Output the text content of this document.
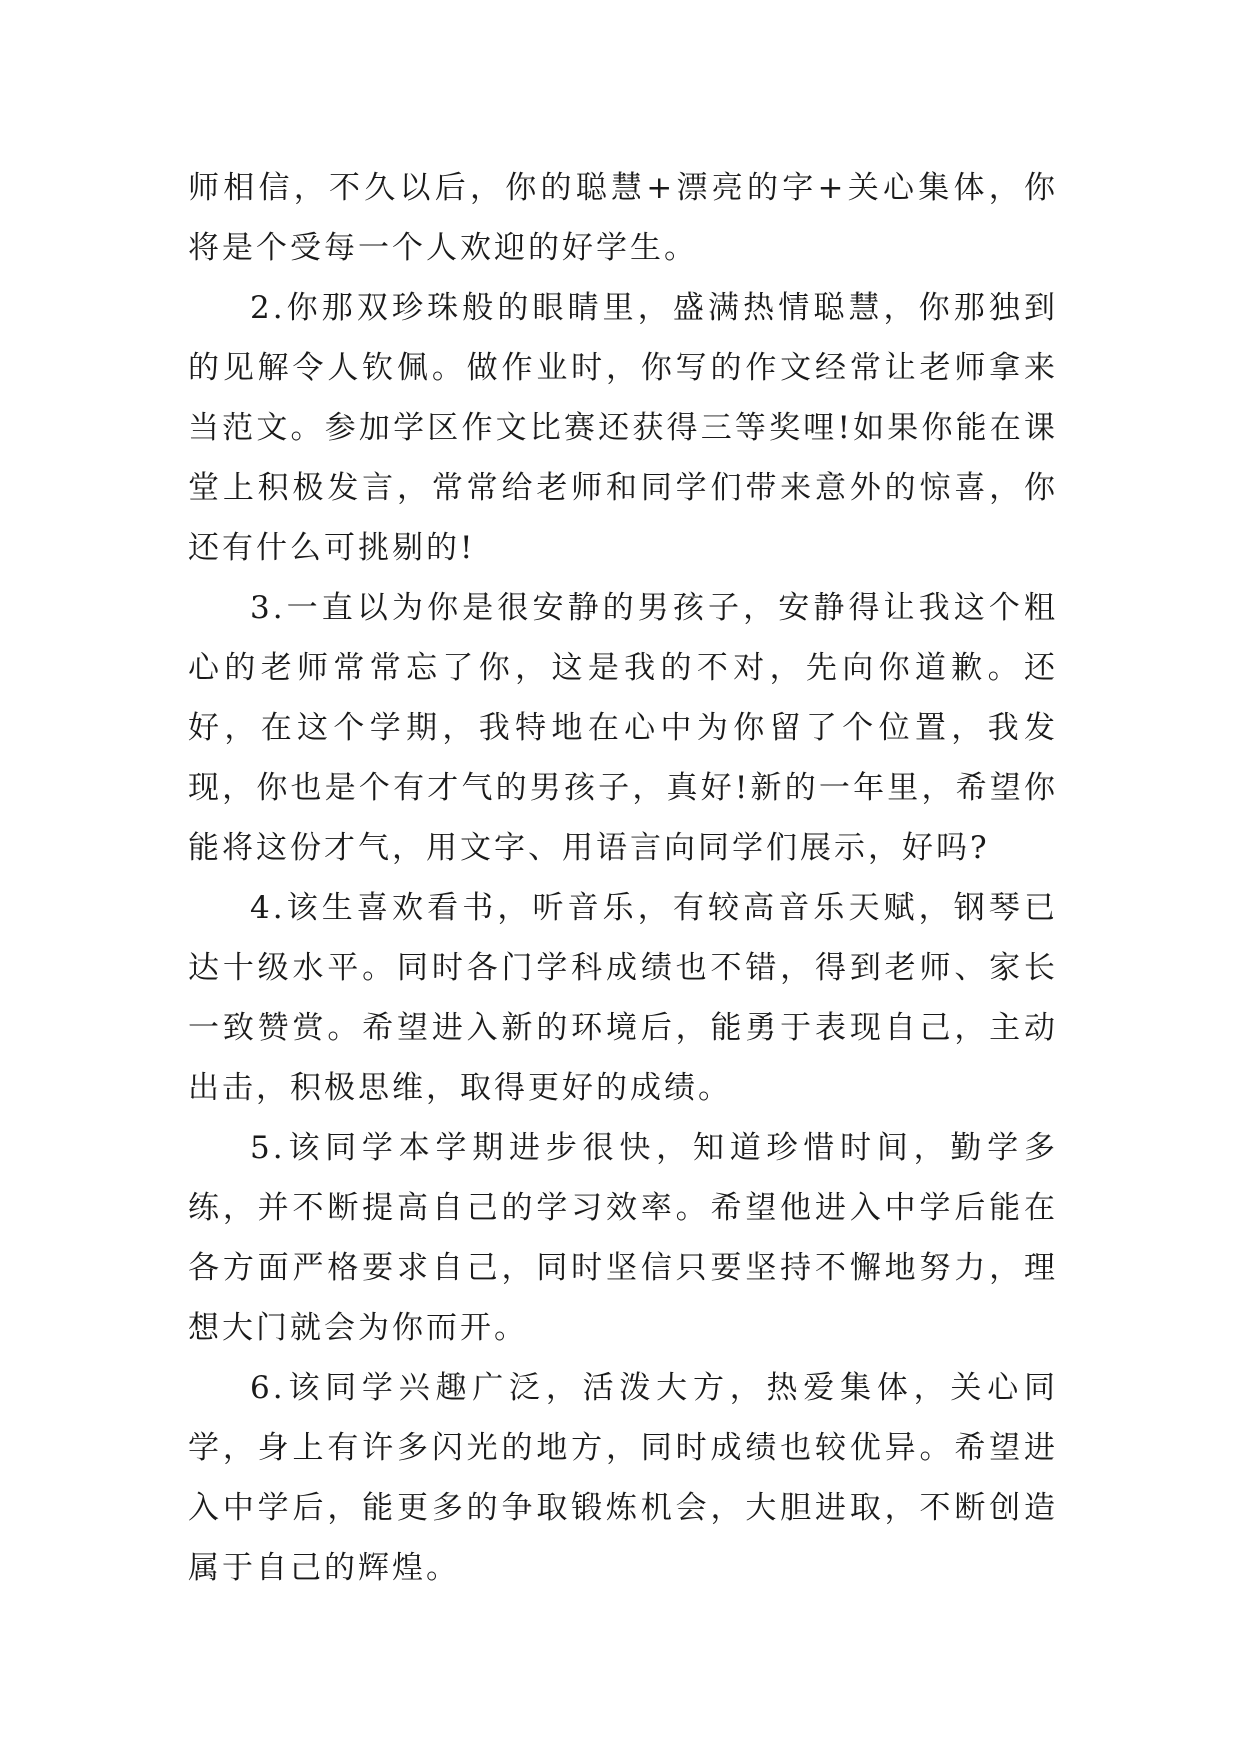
师相信，不久以后，你的聪慧+漂亮的字+关心集体，你将是个受每一个人欢迎的好学生。

2.你那双珍珠般的眼睛里，盛满热情聪慧，你那独到的见解令人钦佩。做作业时，你写的作文经常让老师拿来当范文。参加学区作文比赛还获得三等奖哩!如果你能在课堂上积极发言，常常给老师和同学们带来意外的惊喜，你还有什么可挑剔的!

3.一直以为你是很安静的男孩子，安静得让我这个粗心的老师常常忘了你，这是我的不对，先向你道歉。还好，在这个学期，我特地在心中为你留了个位置，我发现，你也是个有才气的男孩子，真好!新的一年里，希望你能将这份才气，用文字、用语言向同学们展示，好吗?

4.该生喜欢看书，听音乐，有较高音乐天赋，钢琴已达十级水平。同时各门学科成绩也不错，得到老师、家长一致赞赏。希望进入新的环境后，能勇于表现自己，主动出击，积极思维，取得更好的成绩。

5.该同学本学期进步很快，知道珍惜时间，勤学多练，并不断提高自己的学习效率。希望他进入中学后能在各方面严格要求自己，同时坚信只要坚持不懈地努力，理想大门就会为你而开。

6.该同学兴趣广泛，活泼大方，热爱集体，关心同学，身上有许多闪光的地方，同时成绩也较优异。希望进入中学后，能更多的争取锻炼机会，大胆进取，不断创造属于自己的辉煌。
